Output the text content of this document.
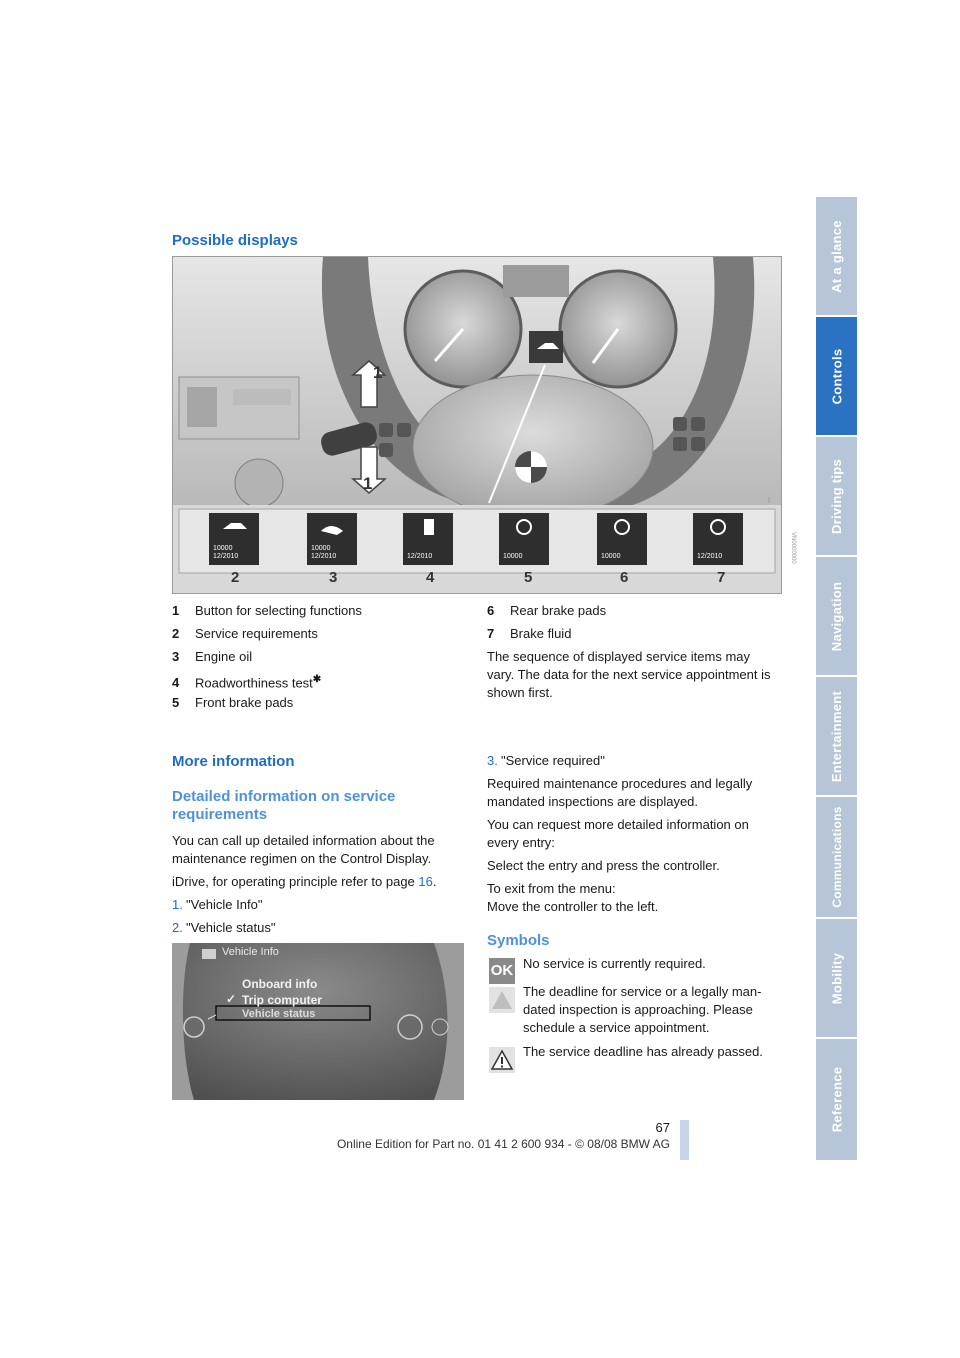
Possible displays
1
1
10000
12/2010
10000
12/2010	12/2010	10000	10000	12/2010
2	3	4	5	6	7
VN0000000
1 Button for selecting functions
2 Service requirements
3 Engine oil
4 Roadworthiness test✱
5 Front brake pads
6 Rear brake pads
7 Brake fluid

The sequence of displayed service items may vary. The data for the next service appointment is shown first.

More information
Detailed information on service requirements

You can call up detailed information about the maintenance regimen on the Control Display.

iDrive, for operating principle refer to page 16.

1. "Vehicle Info"
2. "Vehicle status"
Vehicle Info
Onboard info
✓ Trip computer
Vehicle status
3. "Service required"

Required maintenance procedures and legally mandated inspections are displayed.

You can request more detailed information on every entry:

Select the entry and press the controller.

To exit from the menu:

Move the controller to the left.

Symbols
OK No service is currently required.

The deadline for service or a legally man-dated inspection is approaching. Please schedule a service appointment.

The service deadline has already passed.

At a glance
Controls
Driving tips
Navigation
Entertainment
Communications
Mobility
Reference
67
Online Edition for Part no. 01 41 2 600 934 - © 08/08 BMW AG
